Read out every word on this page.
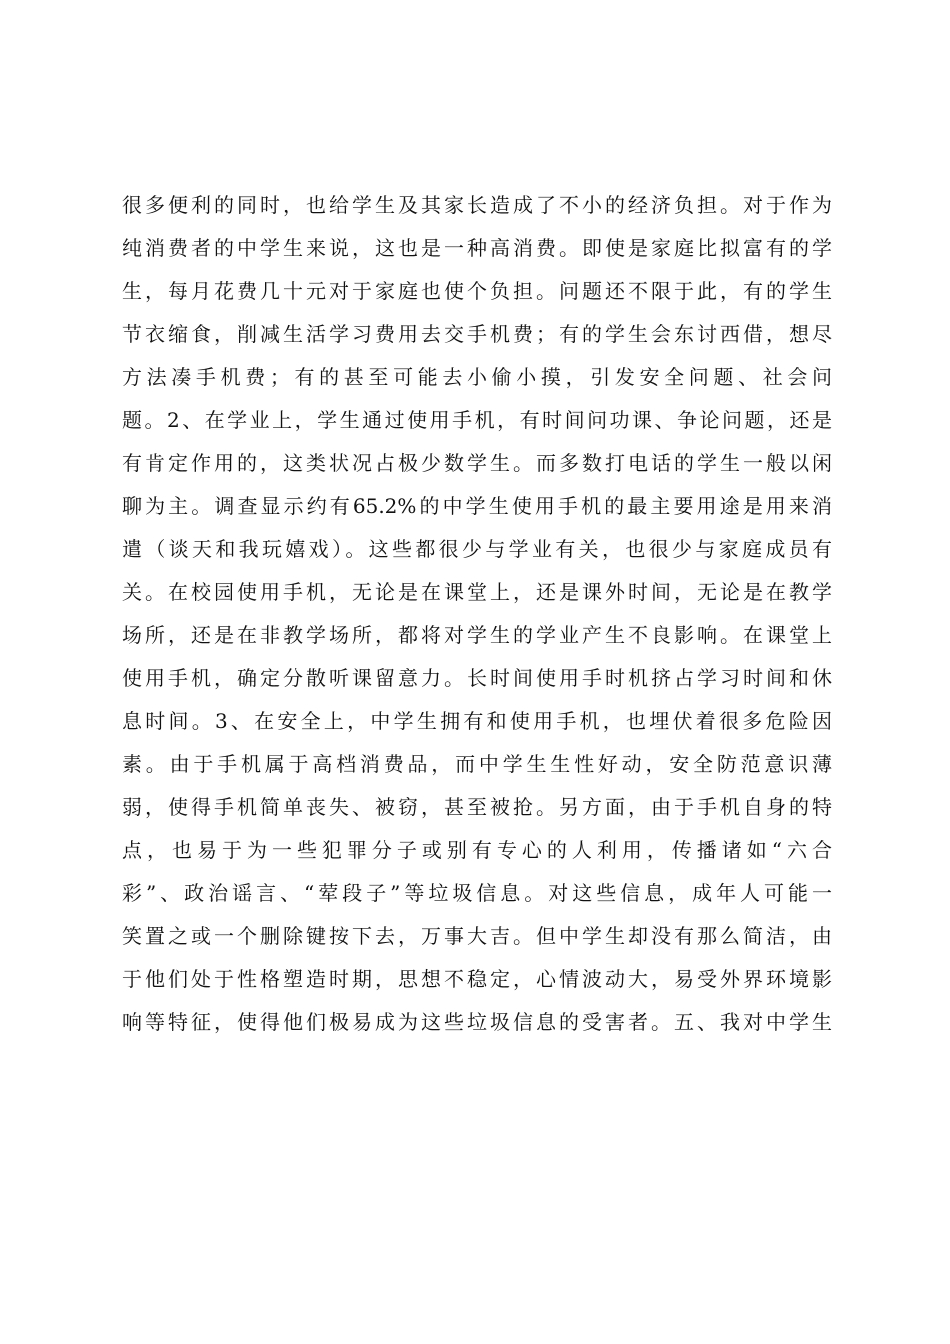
很多便利的同时，也给学生及其家长造成了不小的经济负担。对于作为
纯消费者的中学生来说，这也是一种高消费。即使是家庭比拟富有的学
生，每月花费几十元对于家庭也使个负担。问题还不限于此，有的学生
节衣缩食，削减生活学习费用去交手机费；有的学生会东讨西借，想尽
方法凑手机费；有的甚至可能去小偷小摸，引发安全问题、社会问
题。2、在学业上，学生通过使用手机，有时间问功课、争论问题，还是
有肯定作用的，这类状况占极少数学生。而多数打电话的学生一般以闲
聊为主。调查显示约有65.2%的中学生使用手机的最主要用途是用来消
遣（谈天和我玩嬉戏）。这些都很少与学业有关，也很少与家庭成员有
关。在校园使用手机，无论是在课堂上，还是课外时间，无论是在教学
场所，还是在非教学场所，都将对学生的学业产生不良影响。在课堂上
使用手机，确定分散听课留意力。长时间使用手时机挤占学习时间和休
息时间。3、在安全上，中学生拥有和使用手机，也埋伏着很多危险因
素。由于手机属于高档消费品，而中学生生性好动，安全防范意识薄
弱，使得手机简单丧失、被窃，甚至被抢。另方面，由于手机自身的特
点，也易于为一些犯罪分子或别有专心的人利用，传播诸如“六合
彩”、政治谣言、“荤段子”等垃圾信息。对这些信息，成年人可能一
笑置之或一个删除键按下去，万事大吉。但中学生却没有那么简洁，由
于他们处于性格塑造时期，思想不稳定，心情波动大，易受外界环境影
响等特征，使得他们极易成为这些垃圾信息的受害者。五、我对中学生
